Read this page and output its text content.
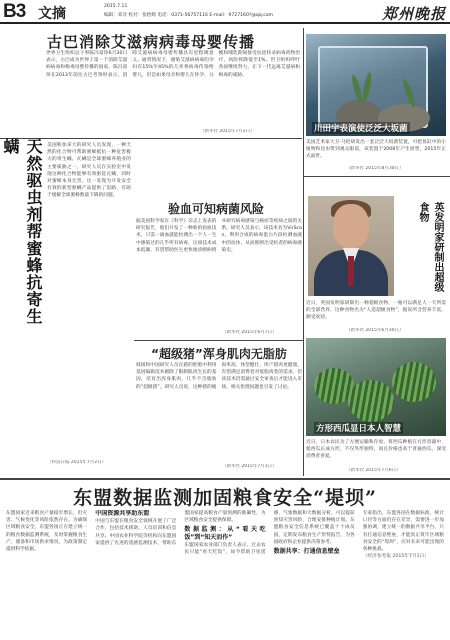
B3 文摘	2015.7.11
编辑：邓洋 校对：张绘绮 电话：0371-56757116 E-mail：9727160?@qq.com	郑州晚报
古巴消除艾滋病病毒母婴传播
世界卫生组织总干事陈冯富珍6月30日表示，古巴成为世界上第一个消除艾滋病病毒和梅毒母婴传播的国家。陈冯富珍在2013年前往古巴考察时表示，消除艾滋病病毒母婴传播具有里程碑意义。通常情况下，感染艾滋病病毒的孕妇有15%至45%的几率将病毒传染给婴儿，但是如果母亲和婴儿在怀孕、分娩和哺乳期间接受抗逆转录病毒药物治疗，风险将降低至1%。世卫组织呼吁各国继续努力，让下一代远离艾滋病和梅毒的威胁。
（新华社 2015年7月2日）	川田宇表演使泛泛大坂菌
美国艺术家大卫·马伦研发出一套泛泛大坂菌装置，可把鱼缸中的小植物和昆虫带到观众眼前，该装置于2008年产生原型，2015年正式面世。
（新华社 2015年8月30日）
天然驱虫剂帮蜜蜂抗寄生螨	美国和加拿大的研究人员发现，一种天然的化合物可帮助蜜蜂抵抗一种危害极大的寄生螨。瓦螨是全球蜜蜂养殖业的主要威胁之一，研究人员在实验室中发现这种化合物能够有效驱赶瓦螨，同时对蜜蜂本身无害。这一发现为开发安全有效的新型驱螨产品提供了思路，有助于缓解全球蜜蜂数量下降的问题。
（科技日报 2015年7月2日）
验血可知病菌风险
据美国科学家在《科学》杂志上发表的研究报告，他们开发了一种新的验血技术，只需一滴血就能检测出一个人一生中感染过的几乎所有病毒，这项技术成本低廉，有望帮助医生更快地诊断病情并研究病毒感染与癌症等疾病之间的关系。研究人员表示，该技术名为VirScan，利用合成的病毒蛋白片段检测血液中的抗体，从而推断出受检者的病毒感染史。
（新华社 2015年6月7日）
“超级猪”浑身肌肉无脂肪
韩国和中国研究人员在猪的胚胎中利用基因编辑技术剔除了限制肌肉生长的基因，培育出浑身肌肉、几乎不含脂肪的“超级猪”。研究人员说，这种猪的瘦肉率高、体型健壮，所产猪肉更健康，有望满足消费者对低脂肉类的需求。但该技术仍需通过安全审查后才能进入市场，相关伦理问题也引发了讨论。
（新华社 2015年7月1日）
英发明家研制出超级食物
近日，英国发明家研制出一种超级食物，一瓶可以满足人一天所需的全部营养，这种食物名为“人造超级食物”，据说所含营养丰富，颇受欢迎。
（新华社 2015年6月30日）
方形西瓜显日本人智慧
近日，日本农民为了方便运输和存放，将西瓜种植在方形容器中，使西瓜长成方形，不仅外形独特，而且价格也高于普通西瓜，深受消费者喜爱。
（新华社 2015年7月6日）
东盟数据监测加固粮食安全“堤坝”
东盟国家近来粮食产量稳步增长，但灾害、气候变化等风险依然存在。为确保区域粮食安全，东盟各国正在建立统一的粮食数据监测系统，及时掌握粮食生产、储备和市场供求情况，为政策制定提供科学依据。
中国资源共享助东盟
中国与东盟在粮食安全领域开展了广泛合作，包括技术援助、人员培训和信息共享。中国农业科学院等机构向东盟国家提供了先进的遥感监测技术，帮助东盟国家提高粮食产量预测的准确性，为区域粮食安全提供保障。
数据监测：从“看天吃饭”到“知天而作”
东盟国家农业部门负责人表示，过去农民只能“看天吃饭”，如今借助卫星遥感、气象数据和大数据分析，可以提前预知灾害风险，合理安排种植计划。东盟粮食安全信息系统已覆盖十个成员国，定期发布粮食生产形势报告，为各国政府和企业提供决策参考。
数据共享：打通信息壁垒
专家指出，东盟各国在数据标准、统计口径等方面仍存在差异，需要进一步加强协调，建立统一的数据共享平台。只有打通信息壁垒，才能真正筑牢区域粮食安全的“堤坝”，应对未来可能出现的各种挑战。
（经济参考报 2015年7月1日）
